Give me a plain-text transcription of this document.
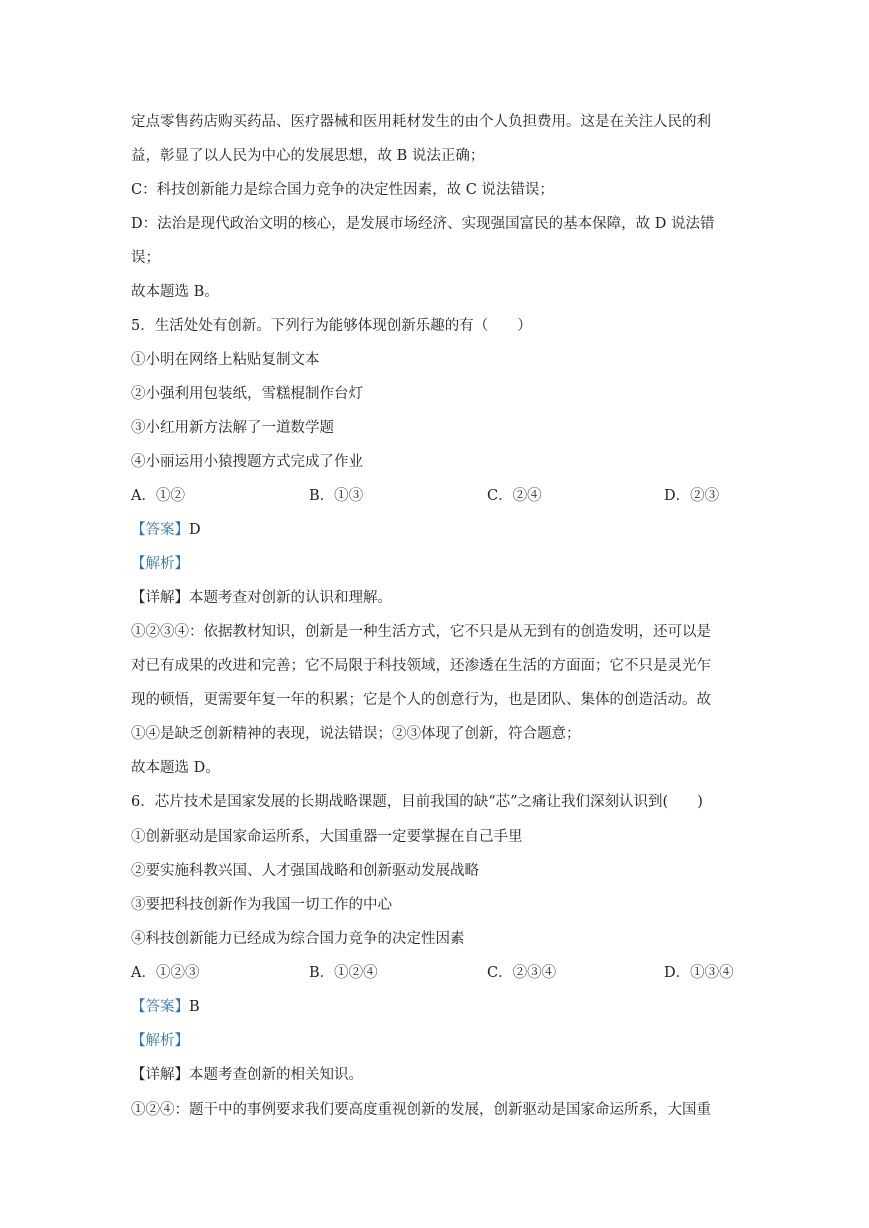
定点零售药店购买药品、医疗器械和医用耗材发生的由个人负担费用。这是在关注人民的利
益，彰显了以人民为中心的发展思想，故 B 说法正确；
C：科技创新能力是综合国力竞争的决定性因素，故 C 说法错误；
D：法治是现代政治文明的核心，是发展市场经济、实现强国富民的基本保障，故 D 说法错
误；
故本题选 B。
5．生活处处有创新。下列行为能够体现创新乐趣的有（　　）
①小明在网络上粘贴复制文本
②小强利用包装纸，雪糕棍制作台灯
③小红用新方法解了一道数学题
④小丽运用小猿搜题方式完成了作业
A．①②	B．①③	C．②④	D．②③
【答案】D
【解析】
【详解】本题考查对创新的认识和理解。
①②③④：依据教材知识，创新是一种生活方式，它不只是从无到有的创造发明，还可以是
对已有成果的改进和完善；它不局限于科技领域，还渗透在生活的方面面；它不只是灵光乍
现的顿悟，更需要年复一年的积累；它是个人的创意行为，也是团队、集体的创造活动。故
①④是缺乏创新精神的表现，说法错误；②③体现了创新，符合题意；
故本题选 D。
6．芯片技术是国家发展的长期战略课题，目前我国的缺“芯”之痛让我们深刻认识到(　　)
①创新驱动是国家命运所系，大国重器一定要掌握在自己手里
②要实施科教兴国、人才强国战略和创新驱动发展战略
③要把科技创新作为我国一切工作的中心
④科技创新能力已经成为综合国力竞争的决定性因素
A．①②③	B．①②④	C．②③④	D．①③④
【答案】B
【解析】
【详解】本题考查创新的相关知识。
①②④：题干中的事例要求我们要高度重视创新的发展，创新驱动是国家命运所系，大国重
